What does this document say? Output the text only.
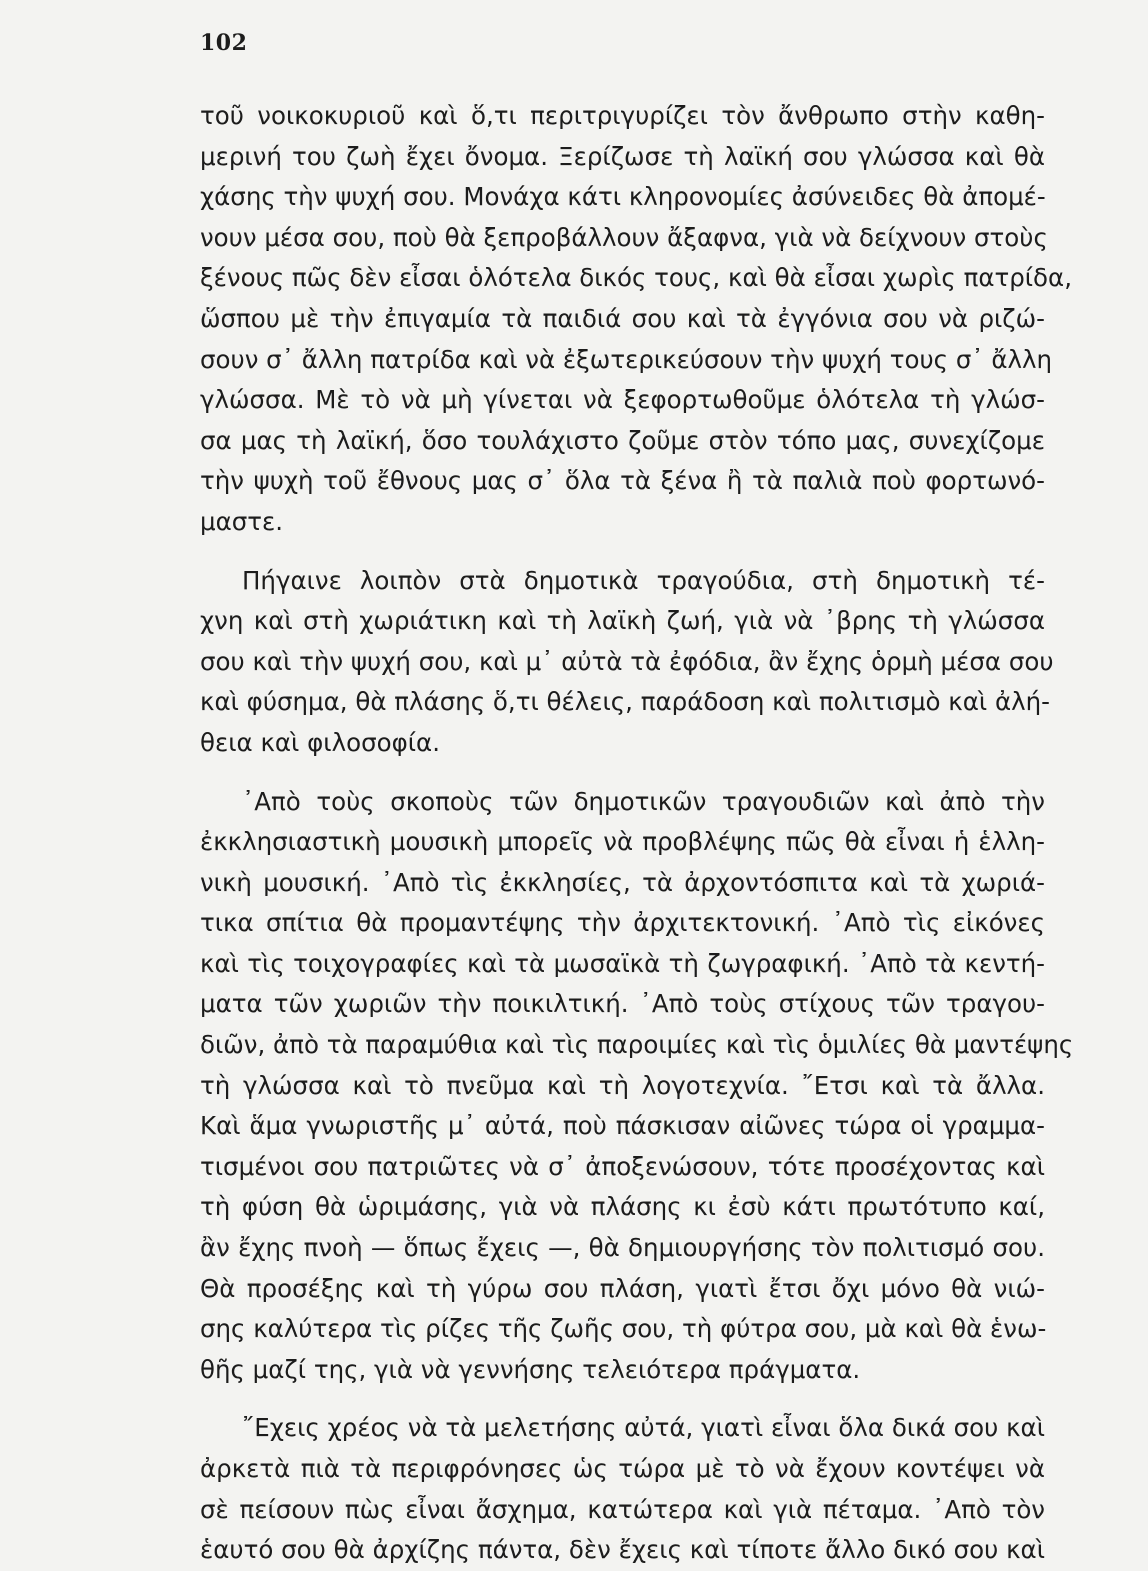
102
τοῦ νοικοκυριοῦ καὶ ὅ,τι περιτριγυρίζει τὸν ἄνθρωπο στὴν καθη-
μερινή του ζωὴ ἔχει ὄνομα. Ξερίζωσε τὴ λαϊκή σου γλώσσα καὶ θὰ
χάσης τὴν ψυχή σου. Μονάχα κάτι κληρονομίες ἀσύνειδες θὰ ἀπομέ-
νουν μέσα σου, ποὺ θὰ ξεπροβάλλουν ἄξαφνα, γιὰ νὰ δείχνουν στοὺς
ξένους πῶς δὲν εἶσαι ὁλότελα δικός τους, καὶ θὰ εἶσαι χωρὶς πατρίδα,
ὥσπου μὲ τὴν ἐπιγαμία τὰ παιδιά σου καὶ τὰ ἐγγόνια σου νὰ ριζώ-
σουν σ᾽ ἄλλη πατρίδα καὶ νὰ ἐξωτερικεύσουν τὴν ψυχή τους σ᾽ ἄλλη
γλώσσα. Μὲ τὸ νὰ μὴ γίνεται νὰ ξεφορτωθοῦμε ὁλότελα τὴ γλώσ-
σα μας τὴ λαϊκή, ὅσο τουλάχιστο ζοῦμε στὸν τόπο μας, συνεχίζομε
τὴν ψυχὴ τοῦ ἔθνους μας σ᾽ ὅλα τὰ ξένα ἢ τὰ παλιὰ ποὺ φορτωνό-
μαστε.
Πήγαινε λοιπὸν στὰ δημοτικὰ τραγούδια, στὴ δημοτικὴ τέ-
χνη καὶ στὴ χωριάτικη καὶ τὴ λαϊκὴ ζωή, γιὰ νὰ ᾽βρης τὴ γλώσσα
σου καὶ τὴν ψυχή σου, καὶ μ᾽ αὐτὰ τὰ ἐφόδια, ἂν ἔχης ὁρμὴ μέσα σου
καὶ φύσημα, θὰ πλάσης ὅ,τι θέλεις, παράδοση καὶ πολιτισμὸ καὶ ἀλή-
θεια καὶ φιλοσοφία.
᾽Απὸ τοὺς σκοποὺς τῶν δημοτικῶν τραγουδιῶν καὶ ἀπὸ τὴν
ἐκκλησιαστικὴ μουσικὴ μπορεῖς νὰ προβλέψης πῶς θὰ εἶναι ἡ ἑλλη-
νικὴ μουσική. ᾽Απὸ τὶς ἐκκλησίες, τὰ ἀρχοντόσπιτα καὶ τὰ χωριά-
τικα σπίτια θὰ προμαντέψης τὴν ἀρχιτεκτονική. ᾽Απὸ τὶς εἰκόνες
καὶ τὶς τοιχογραφίες καὶ τὰ μωσαϊκὰ τὴ ζωγραφική. ᾽Απὸ τὰ κεντή-
ματα τῶν χωριῶν τὴν ποικιλτική. ᾽Απὸ τοὺς στίχους τῶν τραγου-
διῶν, ἀπὸ τὰ παραμύθια καὶ τὶς παροιμίες καὶ τὶς ὁμιλίες θὰ μαντέψης
τὴ γλώσσα καὶ τὸ πνεῦμα καὶ τὴ λογοτεχνία. ῎Ετσι καὶ τὰ ἄλλα.
Καὶ ἅμα γνωριστῆς μ᾽ αὐτά, ποὺ πάσκισαν αἰῶνες τώρα οἱ γραμμα-
τισμένοι σου πατριῶτες νὰ σ᾽ ἀποξενώσουν, τότε προσέχοντας καὶ
τὴ φύση θὰ ὡριμάσης, γιὰ νὰ πλάσης κι ἐσὺ κάτι πρωτότυπο καί,
ἂν ἔχης πνοὴ — ὅπως ἔχεις —, θὰ δημιουργήσης τὸν πολιτισμό σου.
Θὰ προσέξης καὶ τὴ γύρω σου πλάση, γιατὶ ἔτσι ὄχι μόνο θὰ νιώ-
σης καλύτερα τὶς ρίζες τῆς ζωῆς σου, τὴ φύτρα σου, μὰ καὶ θὰ ἑνω-
θῆς μαζί της, γιὰ νὰ γεννήσης τελειότερα πράγματα.
῎Εχεις χρέος νὰ τὰ μελετήσης αὐτά, γιατὶ εἶναι ὅλα δικά σου καὶ
ἀρκετὰ πιὰ τὰ περιφρόνησες ὡς τώρα μὲ τὸ νὰ ἔχουν κοντέψει νὰ
σὲ πείσουν πὼς εἶναι ἄσχημα, κατώτερα καὶ γιὰ πέταμα. ᾽Απὸ τὸν
ἑαυτό σου θὰ ἀρχίζης πάντα, δὲν ἔχεις καὶ τίποτε ἄλλο δικό σου καὶ
